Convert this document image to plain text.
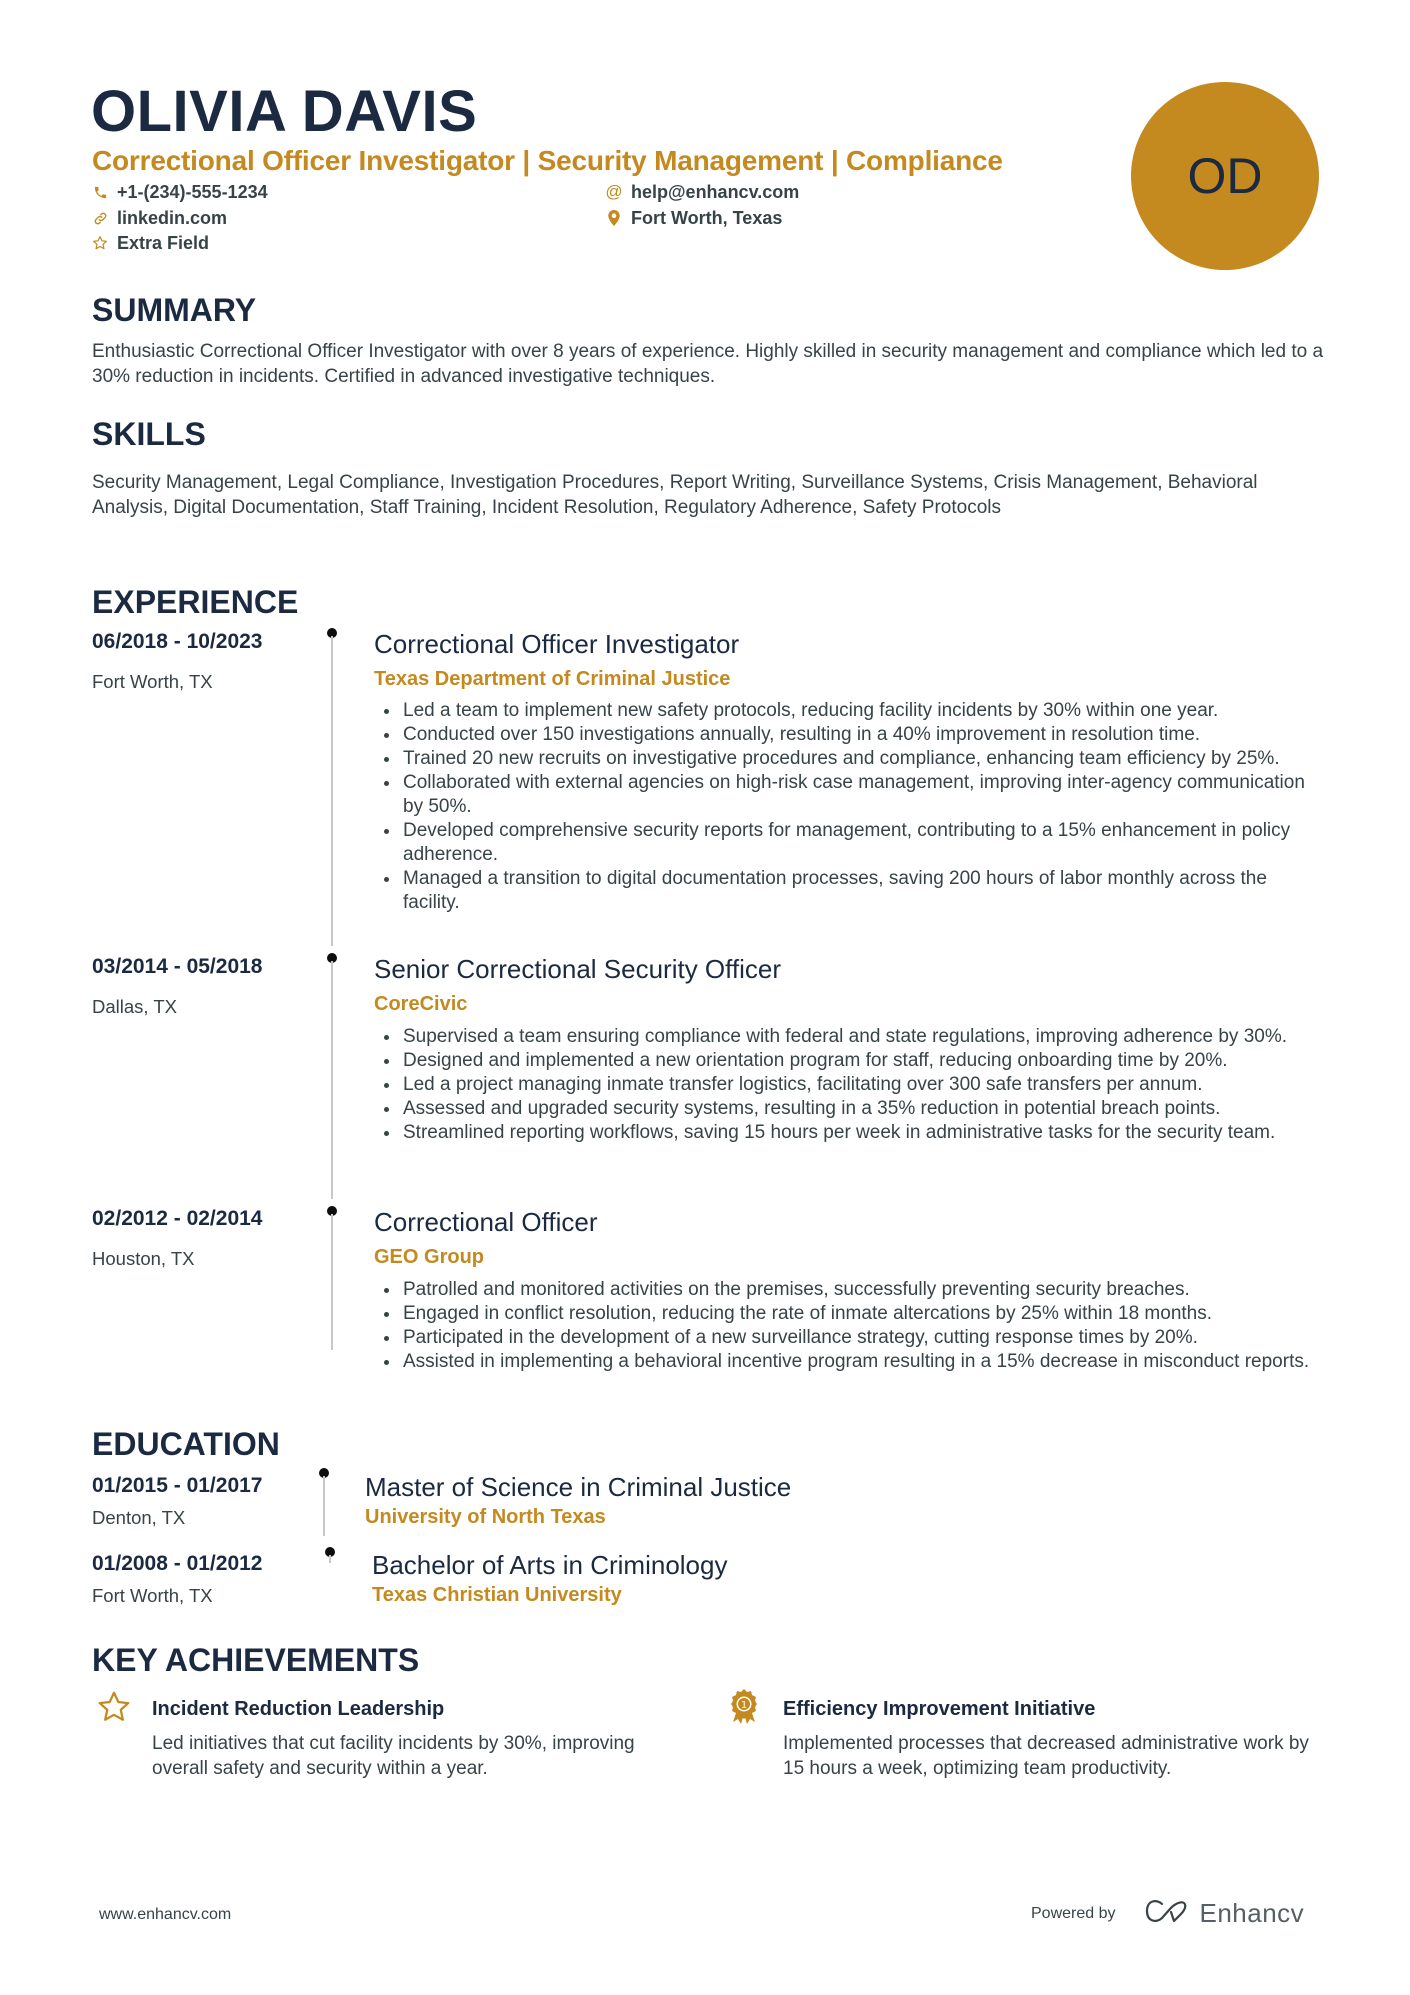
OLIVIA DAVIS
Correctional Officer Investigator | Security Management | Compliance
+1-(234)-555-1234	@ help@enhancv.com
linkedin.com	Fort Worth, Texas
Extra Field
OD
SUMMARY
Enthusiastic Correctional Officer Investigator with over 8 years of experience. Highly skilled in security management and compliance which led to a 30% reduction in incidents. Certified in advanced investigative techniques.
SKILLS
Security Management, Legal Compliance, Investigation Procedures, Report Writing, Surveillance Systems, Crisis Management, Behavioral Analysis, Digital Documentation, Staff Training, Incident Resolution, Regulatory Adherence, Safety Protocols
EXPERIENCE
06/2018 - 10/2023
Fort Worth, TX
Correctional Officer Investigator
Texas Department of Criminal Justice
Led a team to implement new safety protocols, reducing facility incidents by 30% within one year.
Conducted over 150 investigations annually, resulting in a 40% improvement in resolution time.
Trained 20 new recruits on investigative procedures and compliance, enhancing team efficiency by 25%.
Collaborated with external agencies on high-risk case management, improving inter-agency communication by 50%.
Developed comprehensive security reports for management, contributing to a 15% enhancement in policy adherence.
Managed a transition to digital documentation processes, saving 200 hours of labor monthly across the facility.
03/2014 - 05/2018
Dallas, TX
Senior Correctional Security Officer
CoreCivic
Supervised a team ensuring compliance with federal and state regulations, improving adherence by 30%.
Designed and implemented a new orientation program for staff, reducing onboarding time by 20%.
Led a project managing inmate transfer logistics, facilitating over 300 safe transfers per annum.
Assessed and upgraded security systems, resulting in a 35% reduction in potential breach points.
Streamlined reporting workflows, saving 15 hours per week in administrative tasks for the security team.
02/2012 - 02/2014
Houston, TX
Correctional Officer
GEO Group
Patrolled and monitored activities on the premises, successfully preventing security breaches.
Engaged in conflict resolution, reducing the rate of inmate altercations by 25% within 18 months.
Participated in the development of a new surveillance strategy, cutting response times by 20%.
Assisted in implementing a behavioral incentive program resulting in a 15% decrease in misconduct reports.
EDUCATION
01/2015 - 01/2017
Denton, TX
Master of Science in Criminal Justice
University of North Texas
01/2008 - 01/2012
Fort Worth, TX
Bachelor of Arts in Criminology
Texas Christian University
KEY ACHIEVEMENTS
Incident Reduction Leadership
Led initiatives that cut facility incidents by 30%, improving overall safety and security within a year.
1 Efficiency Improvement Initiative
Implemented processes that decreased administrative work by 15 hours a week, optimizing team productivity.
www.enhancv.com	Powered by	Enhancv
